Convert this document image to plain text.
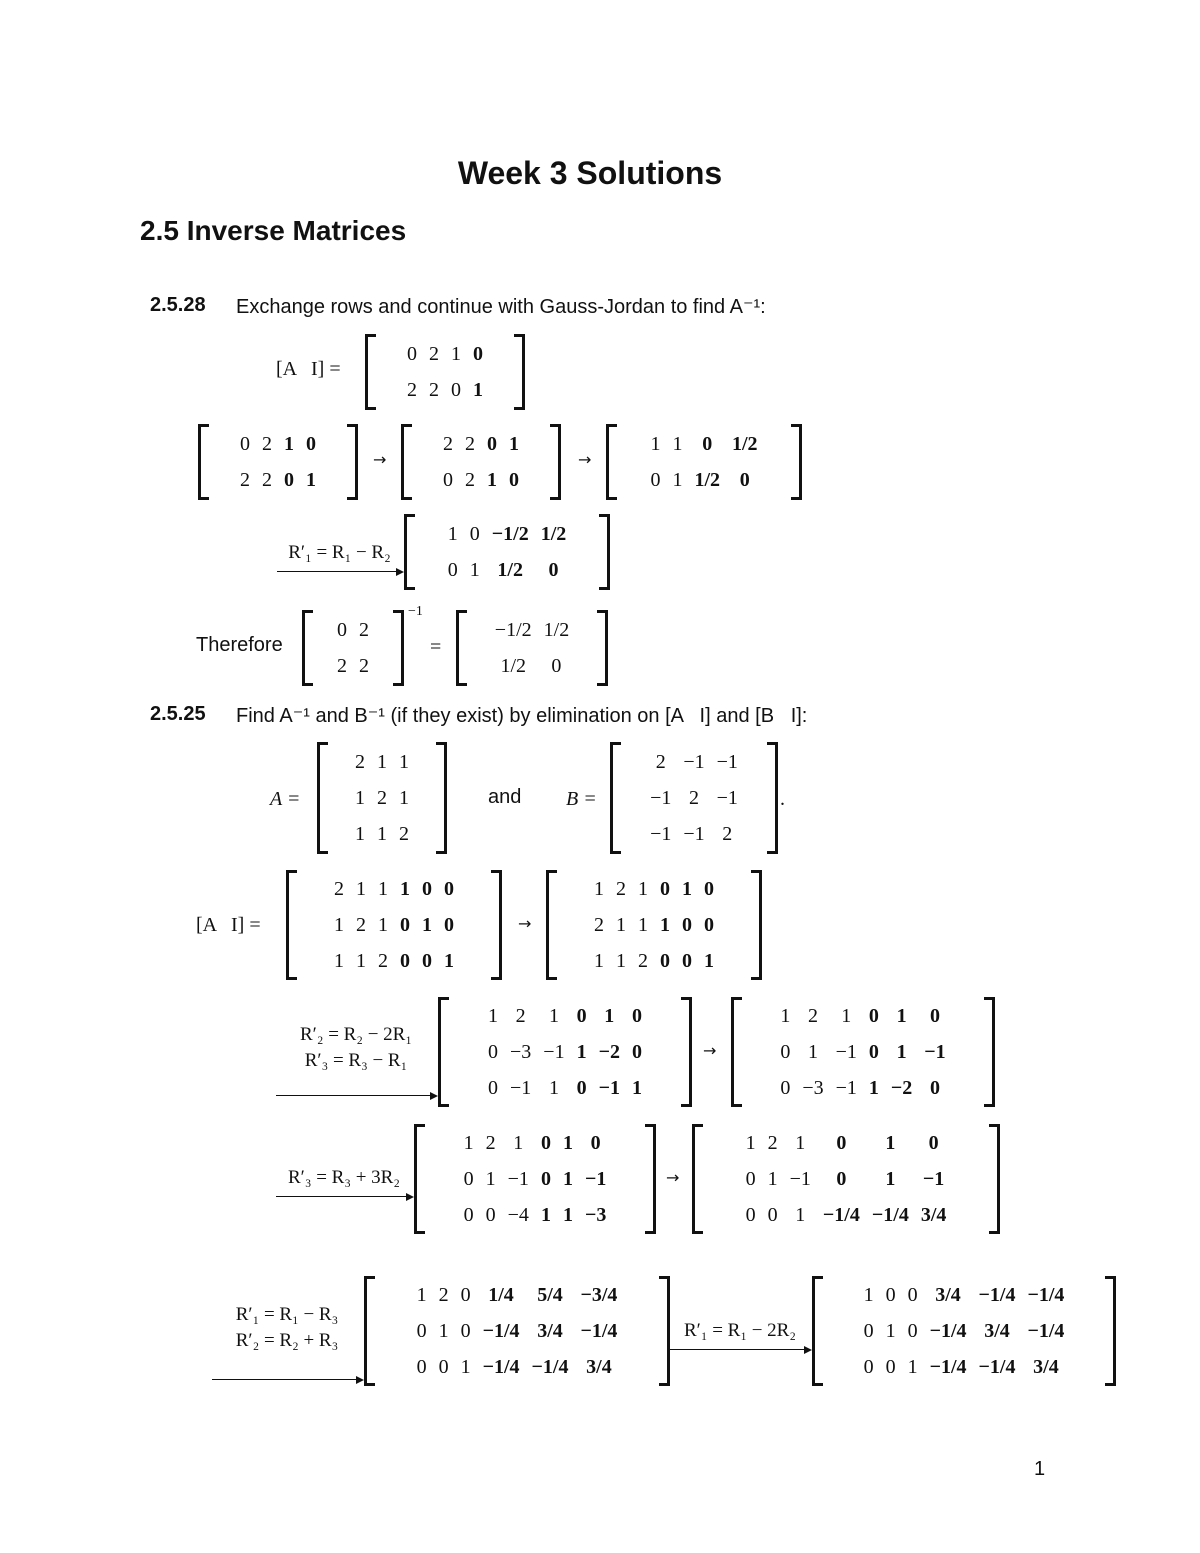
Week 3 Solutions
2.5 Inverse Matrices
2.5.28 Exchange rows and continue with Gauss-Jordan to find A⁻¹:
[A   I] =
0	2	1	0
2	2	0	1
0	2	1	0
2	2	0	1
→
2	2	0	1
0	2	1	0
→
1	1	0	1/2
0	1	1/2	0
R′₁ = R₁ − R₂
1	0	−1/2	1/2
0	1	1/2	0
Therefore
0	2
2	2
−1
=
−1/2	1/2
1/2	0
2.5.25 Find A⁻¹ and B⁻¹ (if they exist) by elimination on [A   I] and [B   I]:
A =
2	1	1
1	2	1
1	1	2
and B =
2	−1	−1
−1	2	−1
−1	−1	2
.
[A   I] =
2	1	1	1	0	0
1	2	1	0	1	0
1	1	2	0	0	1
→
1	2	1	0	1	0
2	1	1	1	0	0
1	1	2	0	0	1
R′₂ = R₂ − 2R₁
R′₃ = R₃ − R₁
1	2	1	0	1	0
0	−3	−1	1	−2	0
0	−1	1	0	−1	1
→
1	2	1	0	1	0
0	1	−1	0	1	−1
0	−3	−1	1	−2	0
R′₃ = R₃ + 3R₂
1	2	1	0	1	0
0	1	−1	0	1	−1
0	0	−4	1	1	−3
→
1	2	1	0	1	0
0	1	−1	0	1	−1
0	0	1	−1/4	−1/4	3/4
R′₁ = R₁ − R₃
R′₂ = R₂ + R₃
1	2	0	1/4	5/4	−3/4
0	1	0	−1/4	3/4	−1/4
0	0	1	−1/4	−1/4	3/4
R′₁ = R₁ − 2R₂
1	0	0	3/4	−1/4	−1/4
0	1	0	−1/4	3/4	−1/4
0	0	1	−1/4	−1/4	3/4
1
